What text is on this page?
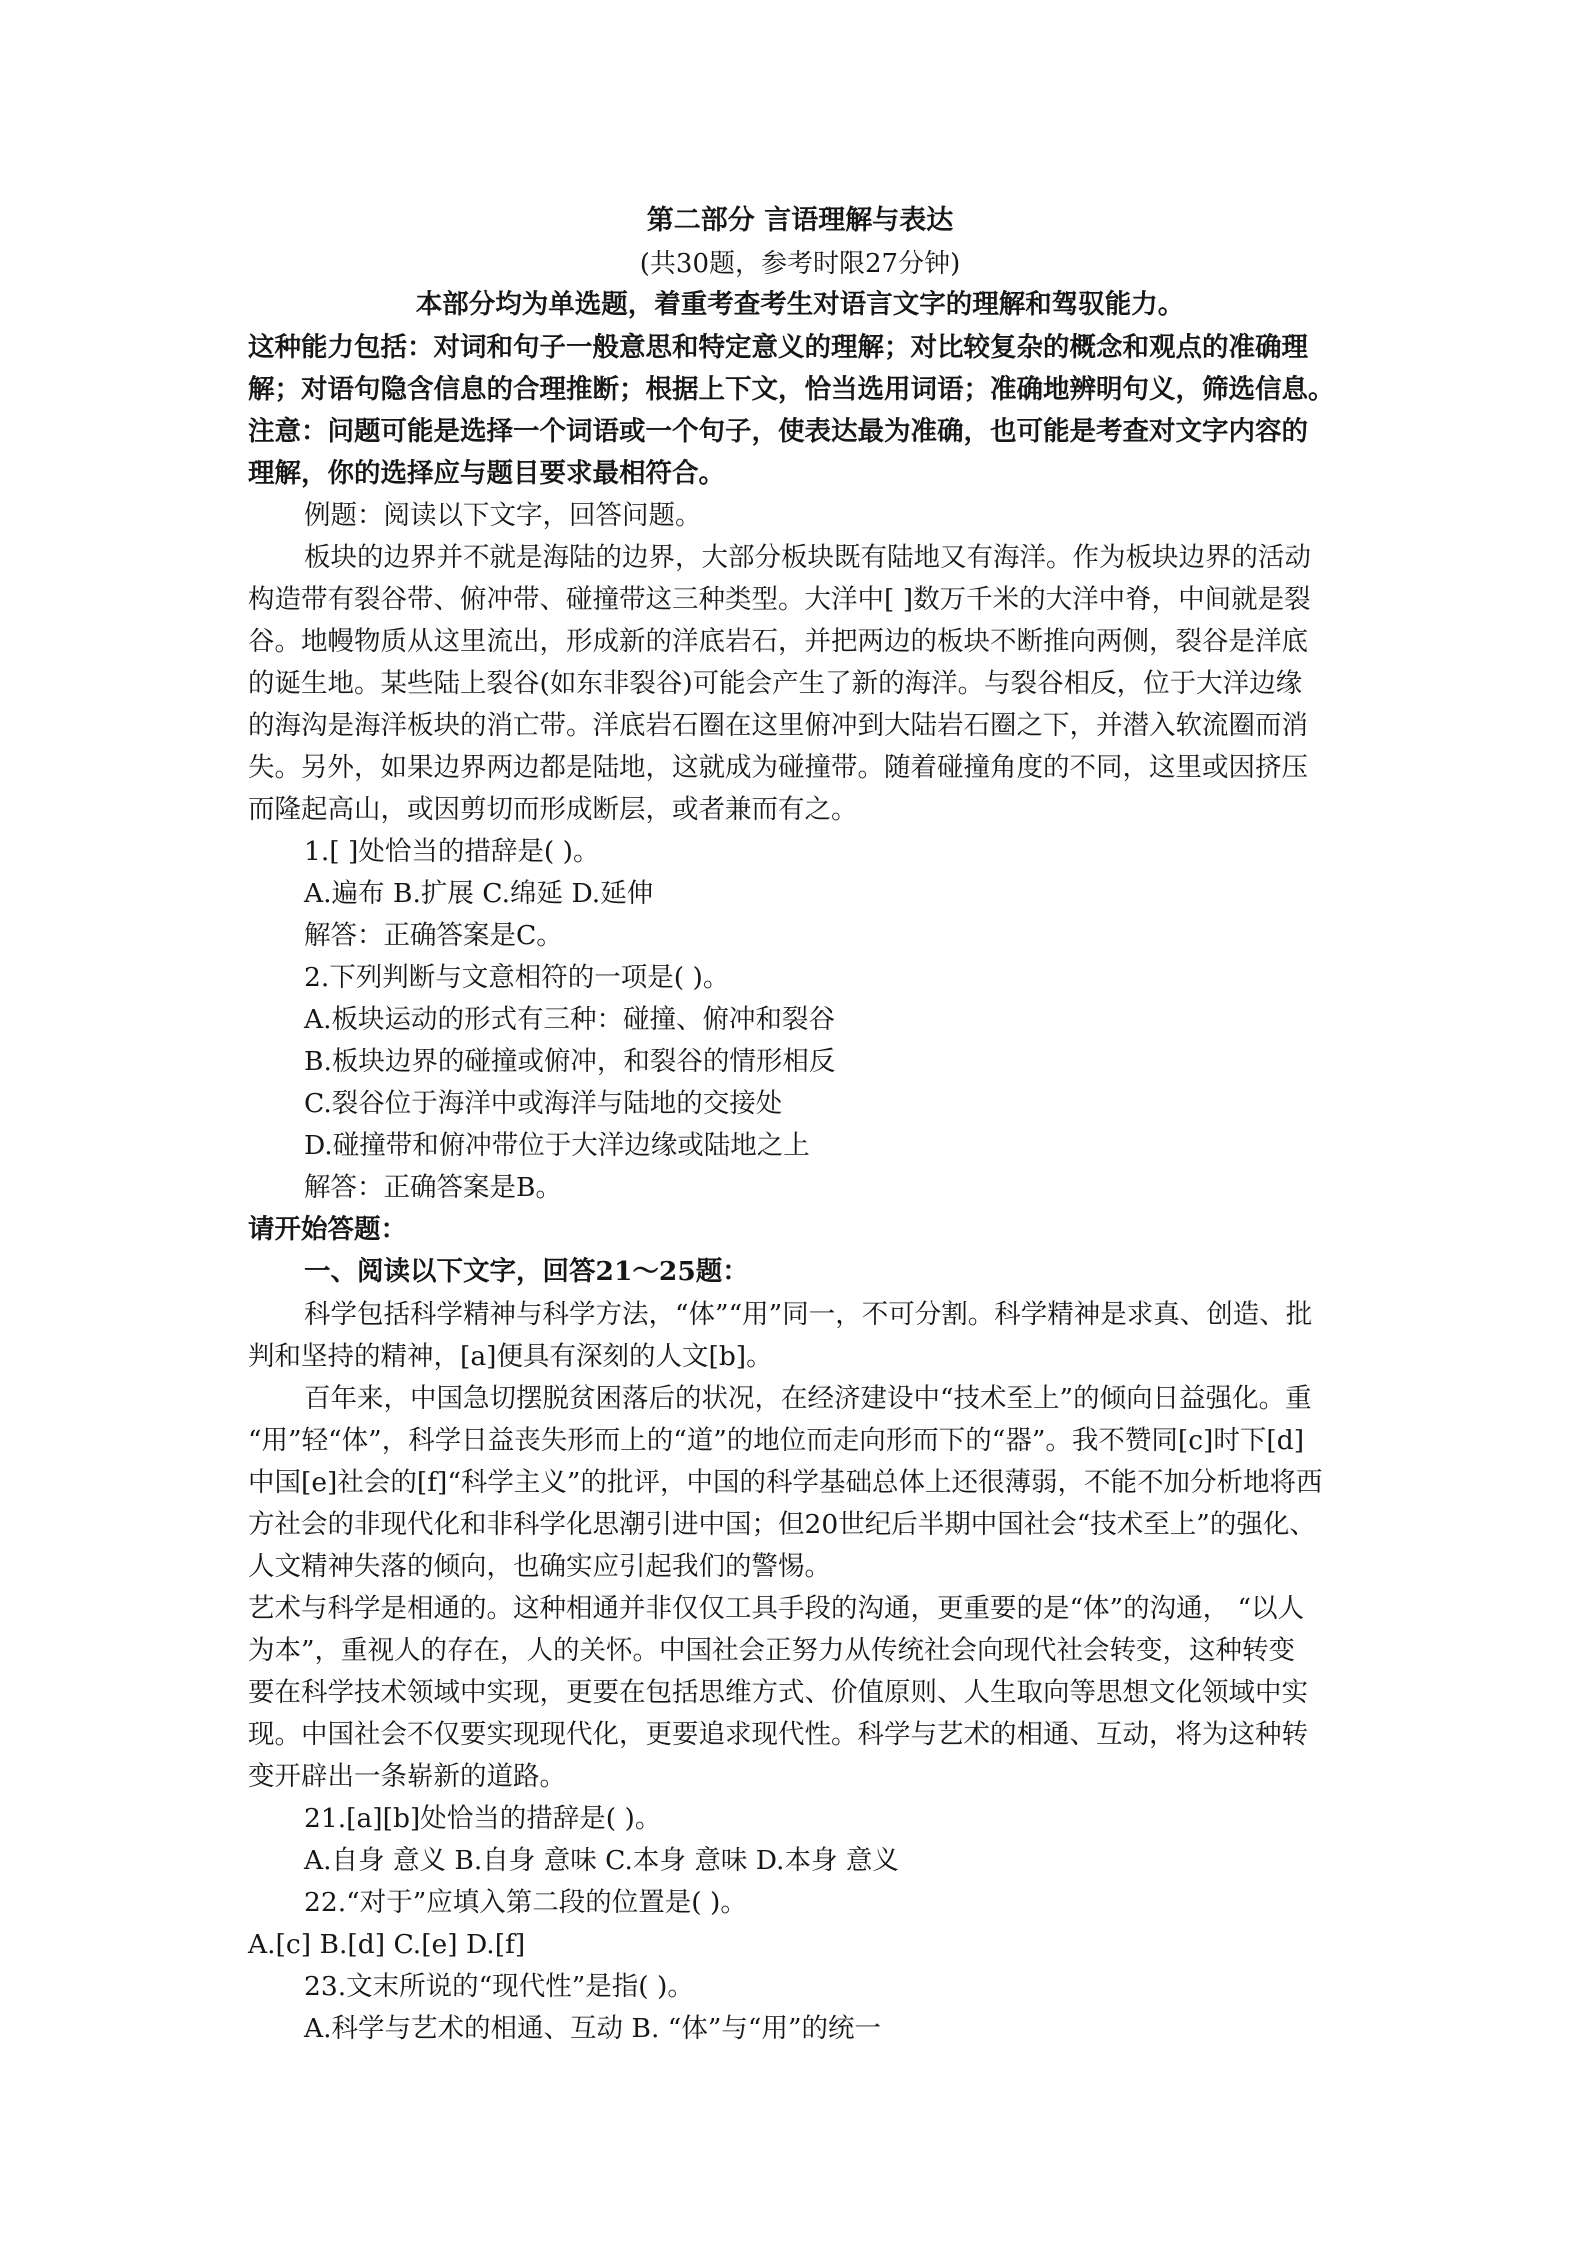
第二部分 言语理解与表达

(共30题，参考时限27分钟)

本部分均为单选题，着重考查考生对语言文字的理解和驾驭能力。

这种能力包括：对词和句子一般意思和特定意义的理解；对比较复杂的概念和观点的准确理

解；对语句隐含信息的合理推断；根据上下文，恰当选用词语；准确地辨明句义，筛选信息。

注意：问题可能是选择一个词语或一个句子，使表达最为准确，也可能是考查对文字内容的

理解，你的选择应与题目要求最相符合。

例题：阅读以下文字，回答问题。

板块的边界并不就是海陆的边界，大部分板块既有陆地又有海洋。作为板块边界的活动

构造带有裂谷带、俯冲带、碰撞带这三种类型。大洋中[ ]数万千米的大洋中脊，中间就是裂

谷。地幔物质从这里流出，形成新的洋底岩石，并把两边的板块不断推向两侧，裂谷是洋底

的诞生地。某些陆上裂谷(如东非裂谷)可能会产生了新的海洋。与裂谷相反，位于大洋边缘

的海沟是海洋板块的消亡带。洋底岩石圈在这里俯冲到大陆岩石圈之下，并潜入软流圈而消

失。另外，如果边界两边都是陆地，这就成为碰撞带。随着碰撞角度的不同，这里或因挤压

而隆起高山，或因剪切而形成断层，或者兼而有之。

1.[ ]处恰当的措辞是( )。

A.遍布 B.扩展 C.绵延 D.延伸

解答：正确答案是C。

2.下列判断与文意相符的一项是( )。

A.板块运动的形式有三种：碰撞、俯冲和裂谷

B.板块边界的碰撞或俯冲，和裂谷的情形相反

C.裂谷位于海洋中或海洋与陆地的交接处

D.碰撞带和俯冲带位于大洋边缘或陆地之上

解答：正确答案是B。

请开始答题：

一、阅读以下文字，回答21～25题：

科学包括科学精神与科学方法，“体”“用”同一，不可分割。科学精神是求真、创造、批

判和坚持的精神，[a]便具有深刻的人文[b]。

百年来，中国急切摆脱贫困落后的状况，在经济建设中“技术至上”的倾向日益强化。重

“用”轻“体”，科学日益丧失形而上的“道”的地位而走向形而下的“器”。我不赞同[c]时下[d]

中国[e]社会的[f]“科学主义”的批评，中国的科学基础总体上还很薄弱，不能不加分析地将西

方社会的非现代化和非科学化思潮引进中国；但20世纪后半期中国社会“技术至上”的强化、

人文精神失落的倾向，也确实应引起我们的警惕。

艺术与科学是相通的。这种相通并非仅仅工具手段的沟通，更重要的是“体”的沟通， “以人

为本”，重视人的存在，人的关怀。中国社会正努力从传统社会向现代社会转变，这种转变

要在科学技术领域中实现，更要在包括思维方式、价值原则、人生取向等思想文化领域中实

现。中国社会不仅要实现现代化，更要追求现代性。科学与艺术的相通、互动，将为这种转

变开辟出一条崭新的道路。

21.[a][b]处恰当的措辞是( )。

A.自身 意义 B.自身 意味 C.本身 意味 D.本身 意义

22.“对于”应填入第二段的位置是( )。

A.[c] B.[d] C.[e] D.[f]

23.文末所说的“现代性”是指( )。

A.科学与艺术的相通、互动 B. “体”与“用”的统一
